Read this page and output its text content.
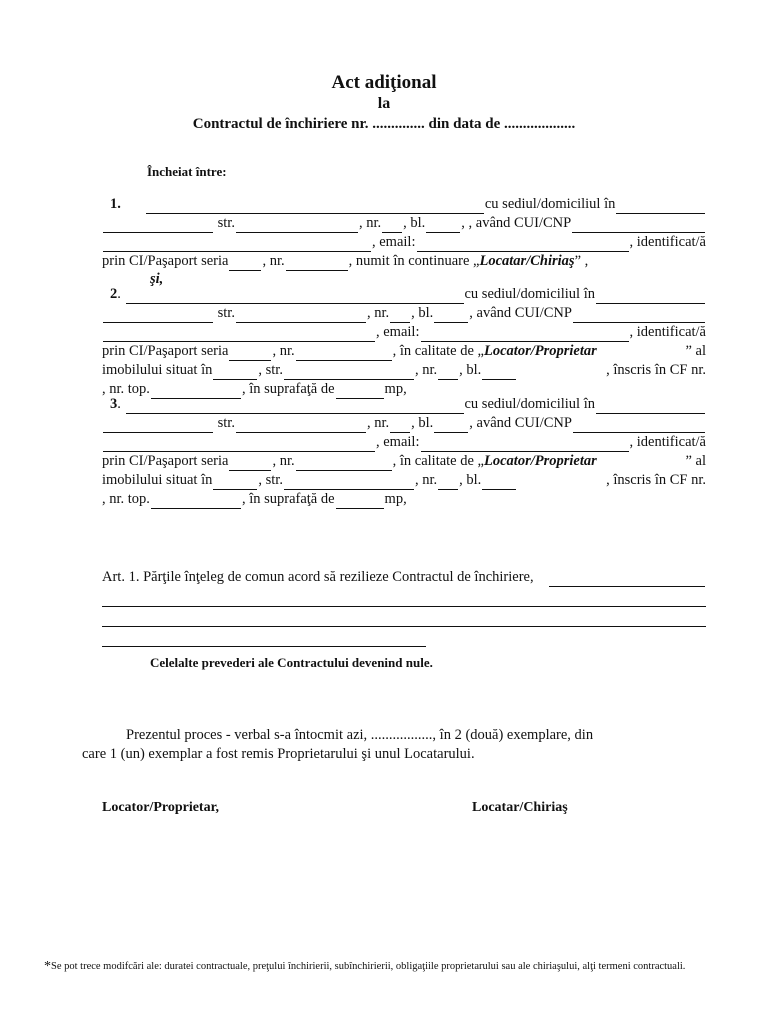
Act adiţional
la
Contractul de închiriere nr. .............. din data de ...................
Încheiat între:
1.	cu sediul/domiciliul în

str.	, nr. , bl. , , având CUI/CNP
, email:	, identificat/ă
prin CI/Paşaport seria , nr.	, numit în continuare „ Locatar/Chiriaş ” ,
şi,
2 .	cu sediul/domiciliul în

str.	, nr. , bl. , având CUI/CNP
, email:	, identificat/ă
prin CI/Paşaport seria	, nr.	, în calitate de „ Locator/Proprietar	” al
imobilului situat în	, str.	, nr. , bl.	, înscris în CF nr.
, nr. top.	, în suprafaţă de	mp,
3 .	cu sediul/domiciliul în

str.	, nr. , bl. , având CUI/CNP
, email:	, identificat/ă
prin CI/Paşaport seria	, nr.	, în calitate de „ Locator/Proprietar	” al
imobilului situat în	, str.	, nr. , bl.	, înscris în CF nr.
, nr. top.	, în suprafaţă de	mp,
Art. 1. Părţile înţeleg de comun acord să rezilieze Contractul de închiriere,
Celelalte prevederi ale Contractului devenind nule.
Prezentul proces - verbal s-a întocmit azi, ................., în 2 (două) exemplare, din
care 1 (un) exemplar a fost remis Proprietarului şi unul Locatarului.
Locator/Proprietar,	Locatar/Chiriaş
*Se pot trece modifcări ale: duratei contractuale, preţului închirierii, subînchirierii, obligaţiile proprietarului sau ale chiriaşului, alţi termeni contractuali.
